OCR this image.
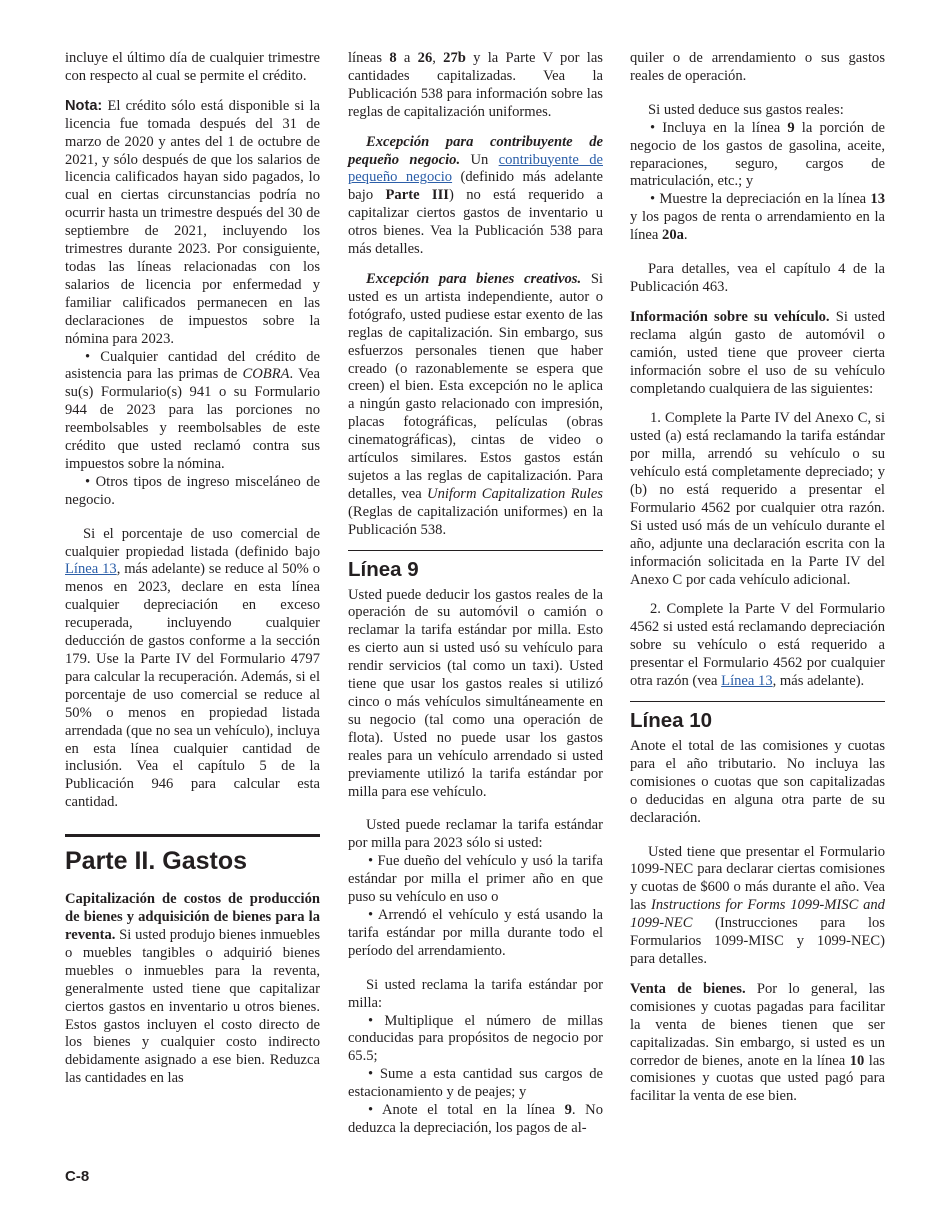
incluye el último día de cualquier trimestre con respecto al cual se permite el crédito.

Nota: El crédito sólo está disponible si la licencia fue tomada después del 31 de marzo de 2020 y antes del 1 de octubre de 2021, y sólo después de que los salarios de licencia calificados hayan sido pagados, lo cual en ciertas circunstancias podría no ocurrir hasta un trimestre después del 30 de septiembre de 2021, incluyendo los trimestres durante 2023. Por consiguiente, todas las líneas relacionadas con los salarios de licencia por enfermedad y familiar calificados permanecen en las declaraciones de impuestos sobre la nómina para 2023.

• Cualquier cantidad del crédito de asistencia para las primas de COBRA. Vea su(s) Formulario(s) 941 o su Formulario 944 de 2023 para las porciones no reembolsables y reembolsables de este crédito que usted reclamó contra sus impuestos sobre la nómina.

• Otros tipos de ingreso misceláneo de negocio.

Si el porcentaje de uso comercial de cualquier propiedad listada (definido bajo Línea 13, más adelante) se reduce al 50% o menos en 2023, declare en esta línea cualquier depreciación en exceso recuperada, incluyendo cualquier deducción de gastos conforme a la sección 179. Use la Parte IV del Formulario 4797 para calcular la recuperación. Además, si el porcentaje de uso comercial se reduce al 50% o menos en propiedad listada arrendada (que no sea un vehículo), incluya en esta línea cualquier cantidad de inclusión. Vea el capítulo 5 de la Publicación 946 para calcular esta cantidad.

Parte II. Gastos

Capitalización de costos de producción de bienes y adquisición de bienes para la reventa. Si usted produjo bienes inmuebles o muebles tangibles o adquirió bienes muebles o inmuebles para la reventa, generalmente usted tiene que capitalizar ciertos gastos en inventario u otros bienes. Estos gastos incluyen el costo directo de los bienes y cualquier costo indirecto debidamente asignado a ese bien. Reduzca las cantidades en las

líneas 8 a 26, 27b y la Parte V por las cantidades capitalizadas. Vea la Publicación 538 para información sobre las reglas de capitalización uniformes.

Excepción para contribuyente de pequeño negocio. Un contribuyente de pequeño negocio (definido más adelante bajo Parte III) no está requerido a capitalizar ciertos gastos de inventario u otros bienes. Vea la Publicación 538 para más detalles.

Excepción para bienes creativos. Si usted es un artista independiente, autor o fotógrafo, usted pudiese estar exento de las reglas de capitalización. Sin embargo, sus esfuerzos personales tienen que haber creado (o razonablemente se espera que creen) el bien. Esta excepción no le aplica a ningún gasto relacionado con impresión, placas fotográficas, películas (obras cinematográficas), cintas de video o artículos similares. Estos gastos están sujetos a las reglas de capitalización. Para detalles, vea Uniform Capitalization Rules (Reglas de capitalización uniformes) en la Publicación 538.

Línea 9

Usted puede deducir los gastos reales de la operación de su automóvil o camión o reclamar la tarifa estándar por milla. Esto es cierto aun si usted usó su vehículo para rendir servicios (tal como un taxi). Usted tiene que usar los gastos reales si utilizó cinco o más vehículos simultáneamente en su negocio (tal como una operación de flota). Usted no puede usar los gastos reales para un vehículo arrendado si usted previamente utilizó la tarifa estándar por milla para ese vehículo.

Usted puede reclamar la tarifa estándar por milla para 2023 sólo si usted:

• Fue dueño del vehículo y usó la tarifa estándar por milla el primer año en que puso su vehículo en uso o

• Arrendó el vehículo y está usando la tarifa estándar por milla durante todo el período del arrendamiento.

Si usted reclama la tarifa estándar por milla:

• Multiplique el número de millas conducidas para propósitos de negocio por 65.5;

• Sume a esta cantidad sus cargos de estacionamiento y de peajes; y

• Anote el total en la línea 9. No deduzca la depreciación, los pagos de al-

quiler o de arrendamiento o sus gastos reales de operación.

Si usted deduce sus gastos reales:

• Incluya en la línea 9 la porción de negocio de los gastos de gasolina, aceite, reparaciones, seguro, cargos de matriculación, etc.; y

• Muestre la depreciación en la línea 13 y los pagos de renta o arrendamiento en la línea 20a.

Para detalles, vea el capítulo 4 de la Publicación 463.

Información sobre su vehículo. Si usted reclama algún gasto de automóvil o camión, usted tiene que proveer cierta información sobre el uso de su vehículo completando cualquiera de las siguientes:

1. Complete la Parte IV del Anexo C, si usted (a) está reclamando la tarifa estándar por milla, arrendó su vehículo o su vehículo está completamente depreciado; y (b) no está requerido a presentar el Formulario 4562 por cualquier otra razón. Si usted usó más de un vehículo durante el año, adjunte una declaración escrita con la información solicitada en la Parte IV del Anexo C por cada vehículo adicional.

2. Complete la Parte V del Formulario 4562 si usted está reclamando depreciación sobre su vehículo o está requerido a presentar el Formulario 4562 por cualquier otra razón (vea Línea 13, más adelante).

Línea 10

Anote el total de las comisiones y cuotas para el año tributario. No incluya las comisiones o cuotas que son capitalizadas o deducidas en alguna otra parte de su declaración.

Usted tiene que presentar el Formulario 1099-NEC para declarar ciertas comisiones y cuotas de $600 o más durante el año. Vea las Instructions for Forms 1099-MISC and 1099-NEC (Instrucciones para los Formularios 1099-MISC y 1099-NEC) para detalles.

Venta de bienes. Por lo general, las comisiones y cuotas pagadas para facilitar la venta de bienes tienen que ser capitalizadas. Sin embargo, si usted es un corredor de bienes, anote en la línea 10 las comisiones y cuotas que usted pagó para facilitar la venta de ese bien.

C-8
